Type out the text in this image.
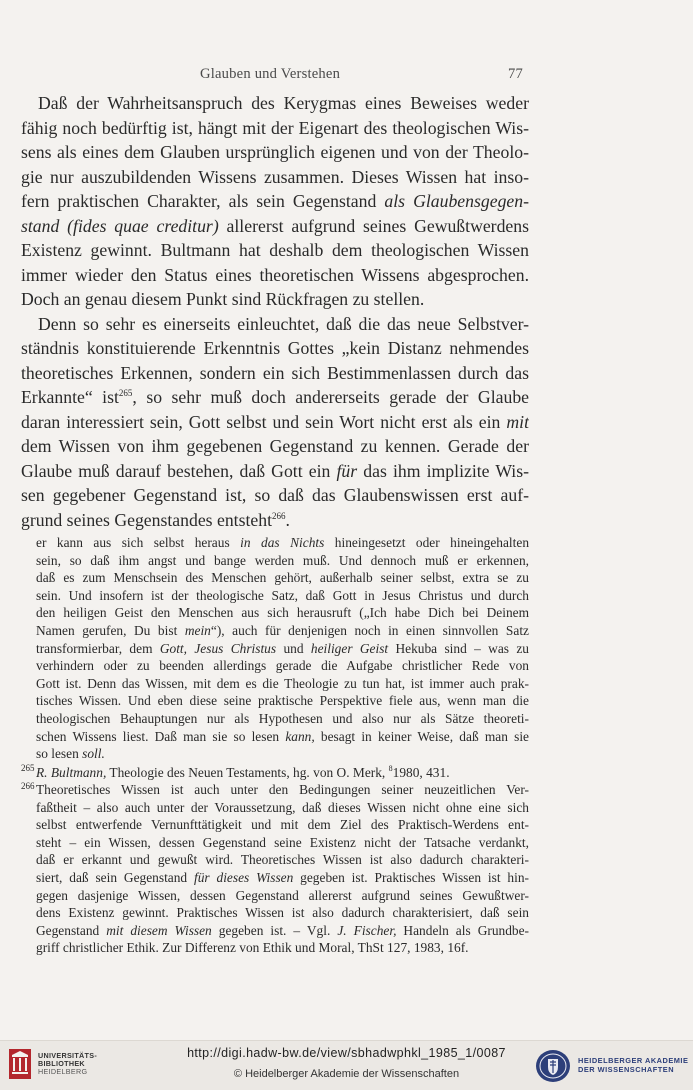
Glauben und Verstehen	77
Daß der Wahrheitsanspruch des Kerygmas eines Beweises weder
fähig noch bedürftig ist, hängt mit der Eigenart des theologischen Wis-
sens als eines dem Glauben ursprünglich eigenen und von der Theolo-
gie nur auszubildenden Wissens zusammen. Dieses Wissen hat inso-
fern praktischen Charakter, als sein Gegenstand als Glaubensgegen-
stand (fides quae creditur) allererst aufgrund seines Gewußtwerdens
Existenz gewinnt. Bultmann hat deshalb dem theologischen Wissen
immer wieder den Status eines theoretischen Wissens abgesprochen.
Doch an genau diesem Punkt sind Rückfragen zu stellen.
Denn so sehr es einerseits einleuchtet, daß die das neue Selbstver-
ständnis konstituierende Erkenntnis Gottes „kein Distanz nehmendes
theoretisches Erkennen, sondern ein sich Bestimmenlassen durch das
Erkannte“ ist$^{265}$, so sehr muß doch andererseits gerade der Glaube
daran interessiert sein, Gott selbst und sein Wort nicht erst als ein mit
dem Wissen von ihm gegebenen Gegenstand zu kennen. Gerade der
Glaube muß darauf bestehen, daß Gott ein für das ihm implizite Wis-
sen gegebener Gegenstand ist, so daß das Glaubenswissen erst auf-
grund seines Gegenstandes entsteht$^{266}$.
er kann aus sich selbst heraus in das Nichts hineingesetzt oder hineingehalten
sein, so daß ihm angst und bange werden muß. Und dennoch muß er erkennen,
daß es zum Menschsein des Menschen gehört, außerhalb seiner selbst, extra se zu
sein. Und insofern ist der theologische Satz, daß Gott in Jesus Christus und durch
den heiligen Geist den Menschen aus sich herausruft („Ich habe Dich bei Deinem
Namen gerufen, Du bist mein“), auch für denjenigen noch in einen sinnvollen Satz
transformierbar, dem Gott, Jesus Christus und heiliger Geist Hekuba sind – was zu
verhindern oder zu beenden allerdings gerade die Aufgabe christlicher Rede von
Gott ist. Denn das Wissen, mit dem es die Theologie zu tun hat, ist immer auch prak-
tisches Wissen. Und eben diese seine praktische Perspektive fiele aus, wenn man die
theologischen Behauptungen nur als Hypothesen und also nur als Sätze theoreti-
schen Wissens liest. Daß man sie so lesen kann, besagt in keiner Weise, daß man sie
so lesen soll.
265 R. Bultmann, Theologie des Neuen Testaments, hg. von O. Merk, $^8$1980, 431.
266 Theoretisches Wissen ist auch unter den Bedingungen seiner neuzeitlichen Ver-
faßtheit – also auch unter der Voraussetzung, daß dieses Wissen nicht ohne eine sich
selbst entwerfende Vernunfttätigkeit und mit dem Ziel des Praktisch-Werdens ent-
steht – ein Wissen, dessen Gegenstand seine Existenz nicht der Tatsache verdankt,
daß er erkannt und gewußt wird. Theoretisches Wissen ist also dadurch charakteri-
siert, daß sein Gegenstand für dieses Wissen gegeben ist. Praktisches Wissen ist hin-
gegen dasjenige Wissen, dessen Gegenstand allererst aufgrund seines Gewußtwer-
dens Existenz gewinnt. Praktisches Wissen ist also dadurch charakterisiert, daß sein
Gegenstand mit diesem Wissen gegeben ist. – Vgl. J. Fischer, Handeln als Grundbe-
griff christlicher Ethik. Zur Differenz von Ethik und Moral, ThSt 127, 1983, 16f.
UNIVERSITÄTS-
BIBLIOTHEK
HEIDELBERG
http://digi.hadw-bw.de/view/sbhadwphkl_1985_1/0087
© Heidelberger Akademie der Wissenschaften
HEIDELBERGER AKADEMIE
DER WISSENSCHAFTEN
